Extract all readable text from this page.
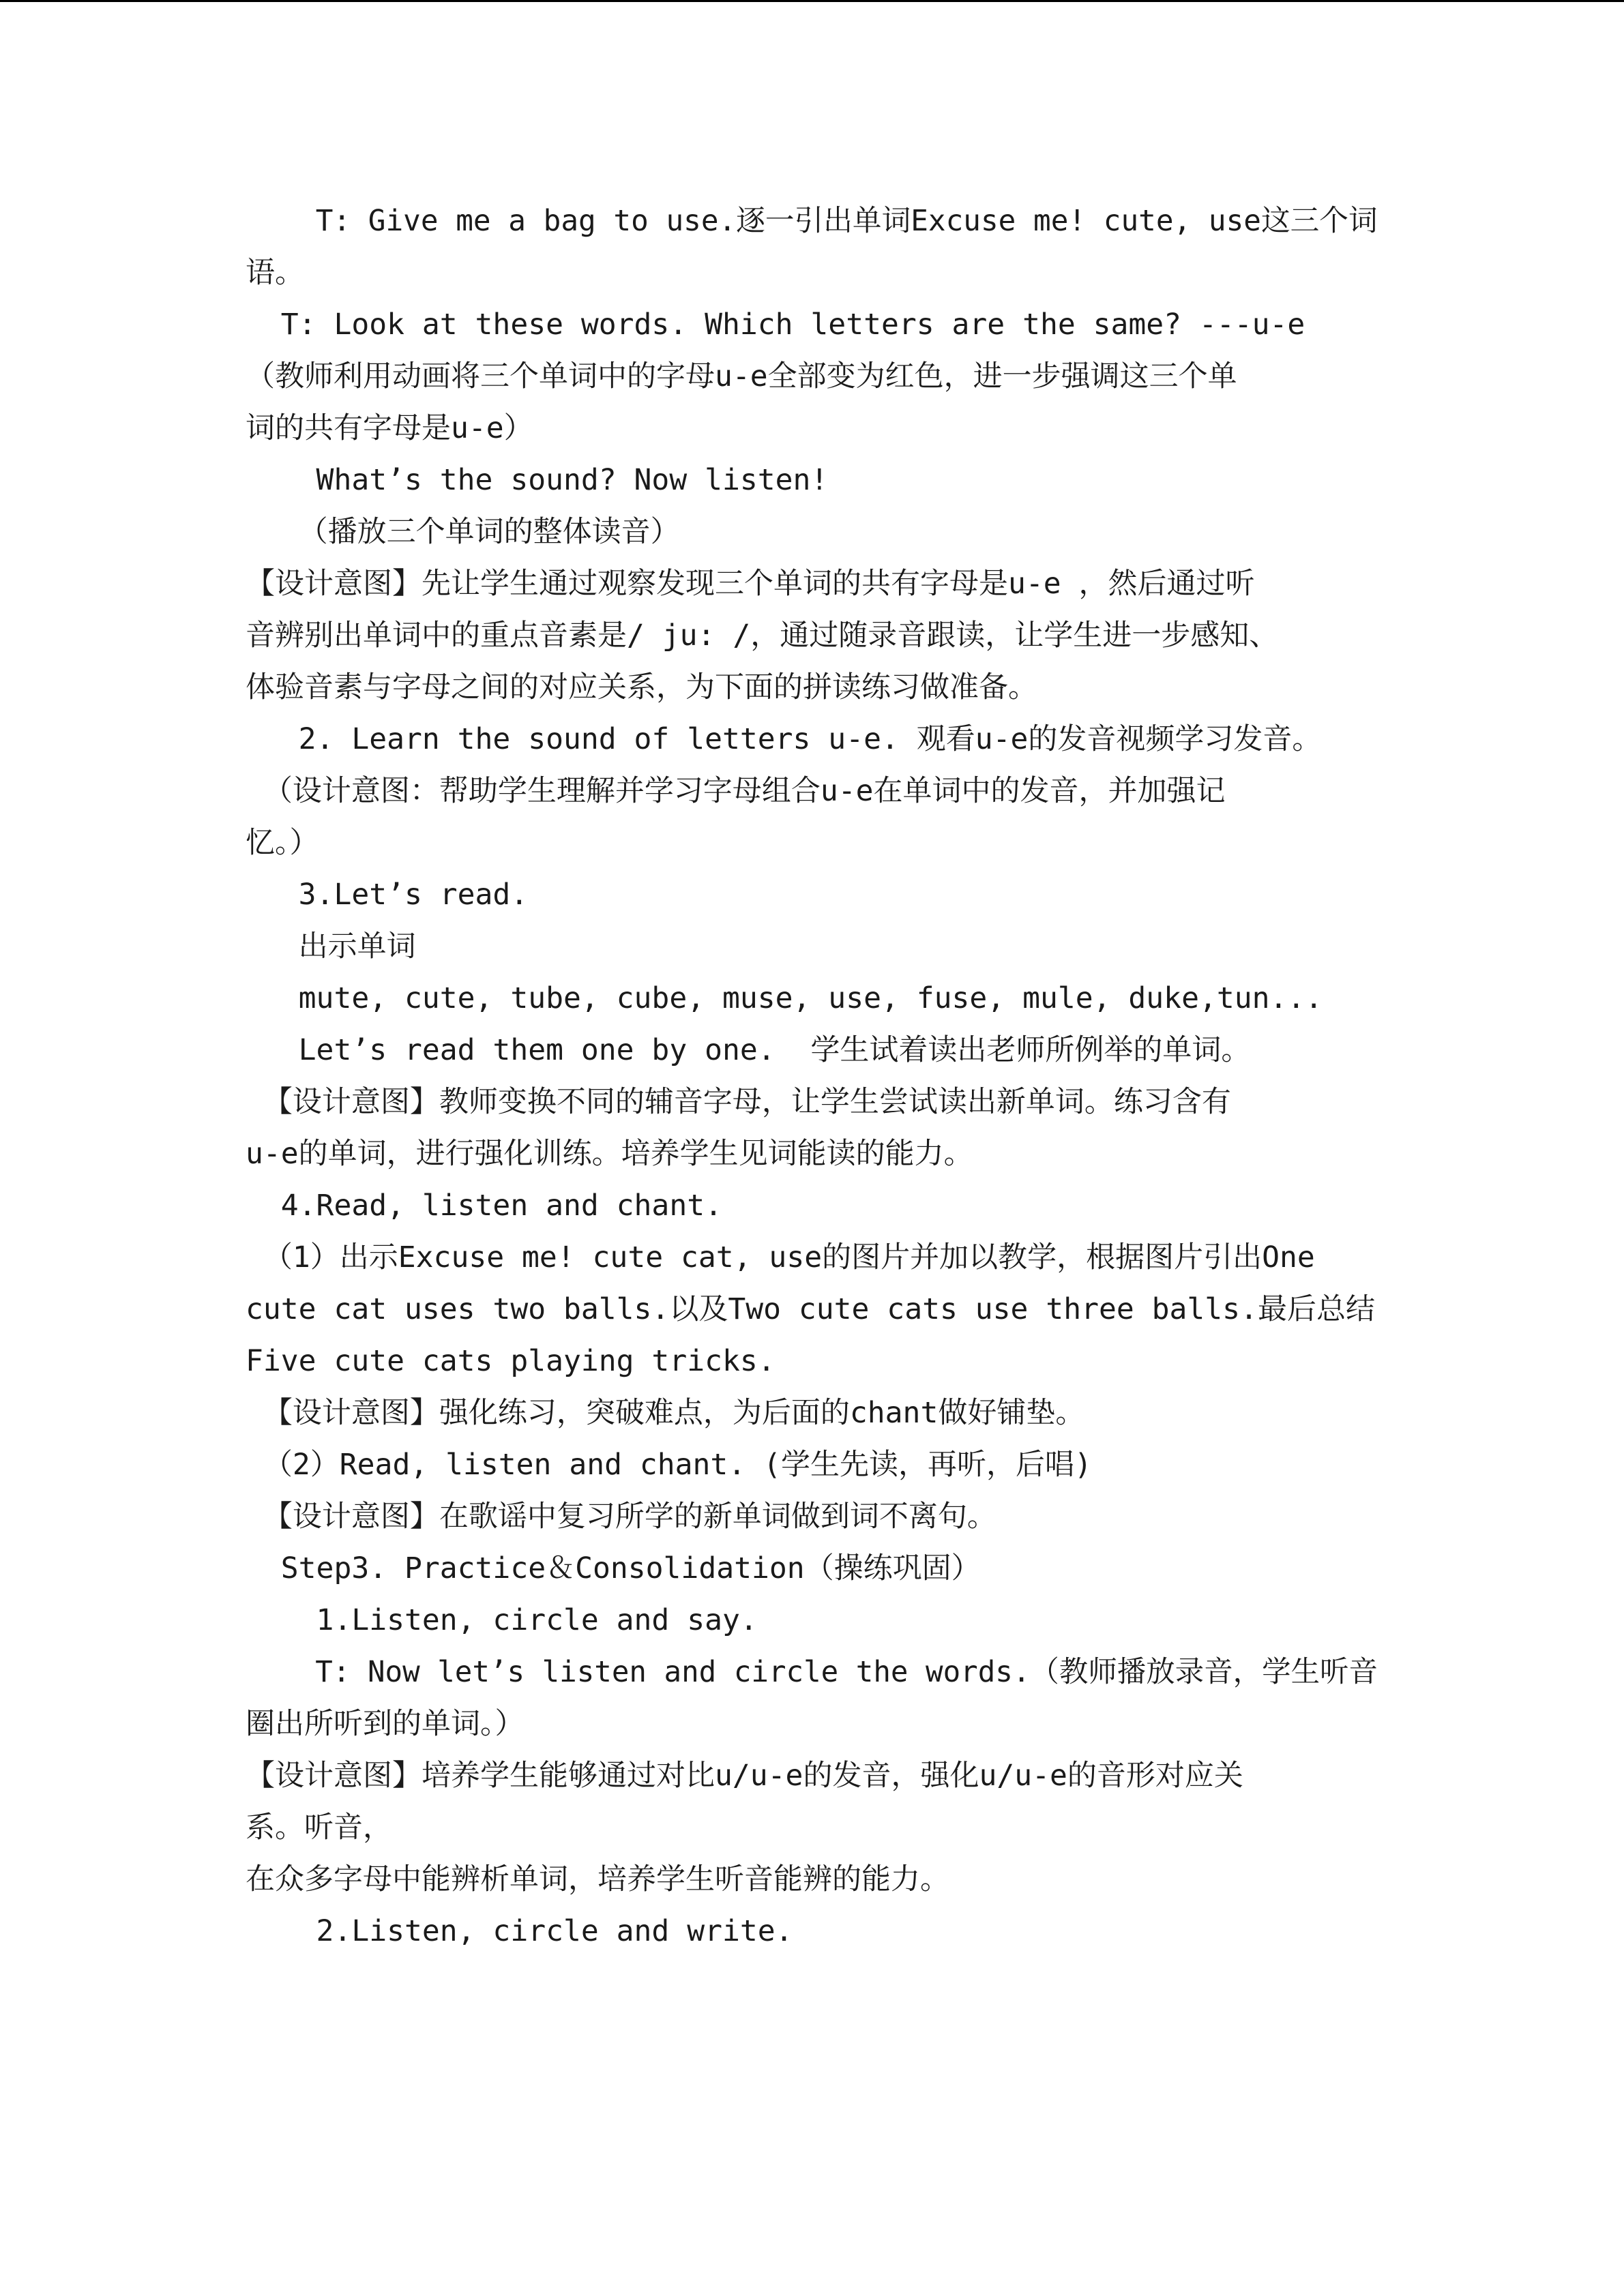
T: Give me a bag to use.逐一引出单词Excuse me! cute, use这三个词
语。
T: Look at these words. Which letters are the same? ---u-e
（教师利用动画将三个单词中的字母u-e全部变为红色，进一步强调这三个单
词的共有字母是u-e）
What’s the sound? Now listen!
（播放三个单词的整体读音）
【设计意图】先让学生通过观察发现三个单词的共有字母是u-e ，然后通过听
音辨别出单词中的重点音素是/ ju: /，通过随录音跟读，让学生进一步感知、
体验音素与字母之间的对应关系，为下面的拼读练习做准备。
2. Learn the sound of letters u-e. 观看u-e的发音视频学习发音。
（设计意图：帮助学生理解并学习字母组合u-e在单词中的发音，并加强记
忆。）
3.Let’s read.
出示单词
mute, cute, tube, cube, muse, use, fuse, mule, duke,tun...
Let’s read them one by one.  学生试着读出老师所例举的单词。
【设计意图】教师变换不同的辅音字母，让学生尝试读出新单词。练习含有
u-e的单词，进行强化训练。培养学生见词能读的能力。
4.Read, listen and chant.
（1）出示Excuse me! cute cat, use的图片并加以教学，根据图片引出One
cute cat uses two balls.以及Two cute cats use three balls.最后总结
Five cute cats playing tricks.
【设计意图】强化练习，突破难点，为后面的chant做好铺垫。
（2）Read, listen and chant. (学生先读，再听，后唱)
【设计意图】在歌谣中复习所学的新单词做到词不离句。
Step3. Practice＆Consolidation（操练巩固）
1.Listen, circle and say.
T: Now let’s listen and circle the words.（教师播放录音，学生听音
圈出所听到的单词。）
【设计意图】培养学生能够通过对比u/u-e的发音，强化u/u-e的音形对应关
系。听音，
在众多字母中能辨析单词，培养学生听音能辨的能力。
2.Listen, circle and write.
